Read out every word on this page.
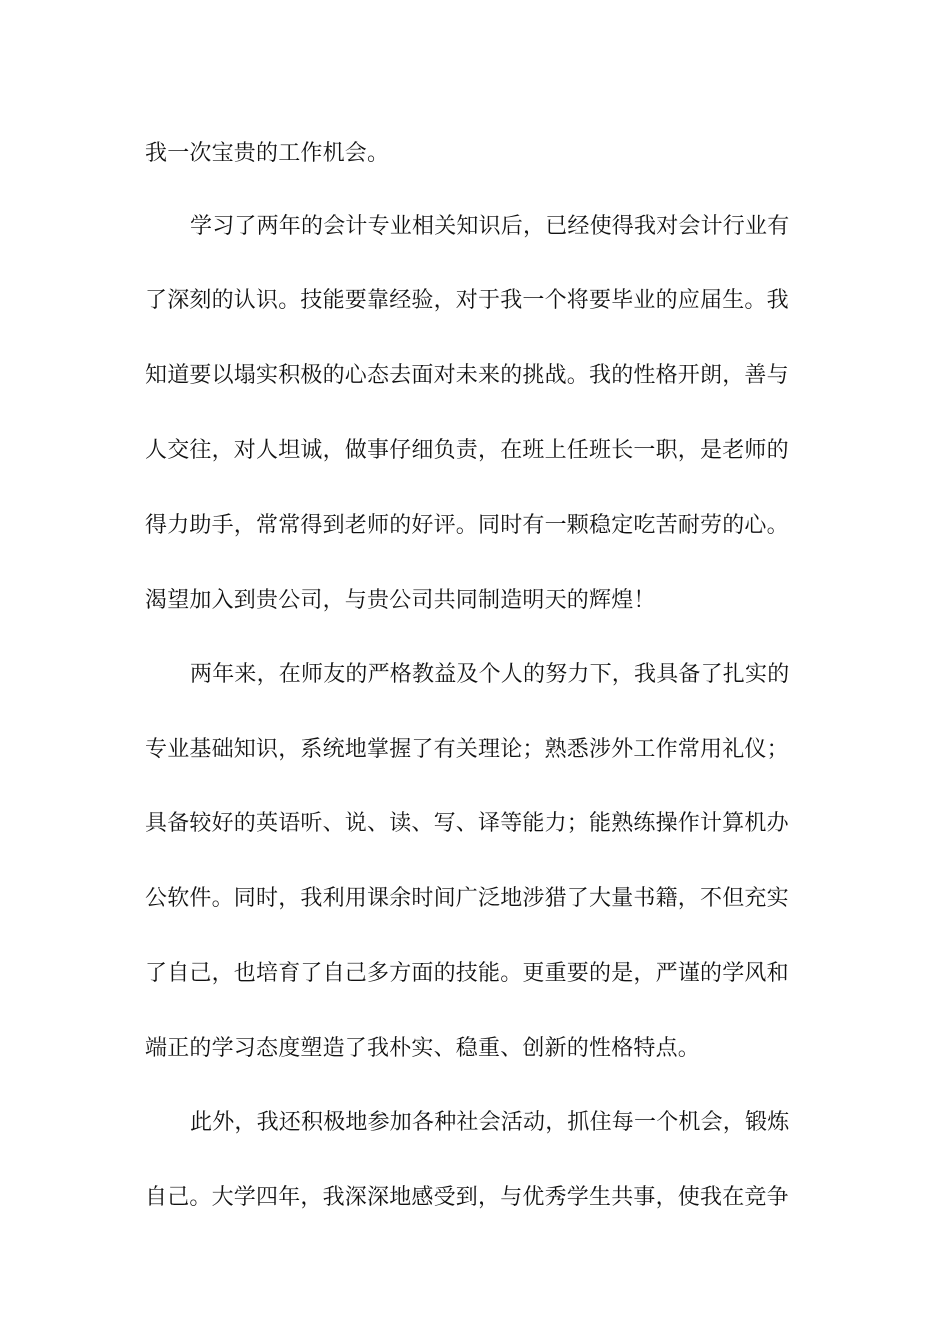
我一次宝贵的工作机会。
学习了两年的会计专业相关知识后，已经使得我对会计行业有
了深刻的认识。技能要靠经验，对于我一个将要毕业的应届生。我
知道要以塌实积极的心态去面对未来的挑战。我的性格开朗，善与
人交往，对人坦诚，做事仔细负责，在班上任班长一职，是老师的
得力助手，常常得到老师的好评。同时有一颗稳定吃苦耐劳的心。
渴望加入到贵公司，与贵公司共同制造明天的辉煌！
两年来，在师友的严格教益及个人的努力下，我具备了扎实的
专业基础知识，系统地掌握了有关理论；熟悉涉外工作常用礼仪；
具备较好的英语听、说、读、写、译等能力；能熟练操作计算机办
公软件。同时，我利用课余时间广泛地涉猎了大量书籍，不但充实
了自己，也培育了自己多方面的技能。更重要的是，严谨的学风和
端正的学习态度塑造了我朴实、稳重、创新的性格特点。
此外，我还积极地参加各种社会活动，抓住每一个机会，锻炼
自己。大学四年，我深深地感受到，与优秀学生共事，使我在竞争
